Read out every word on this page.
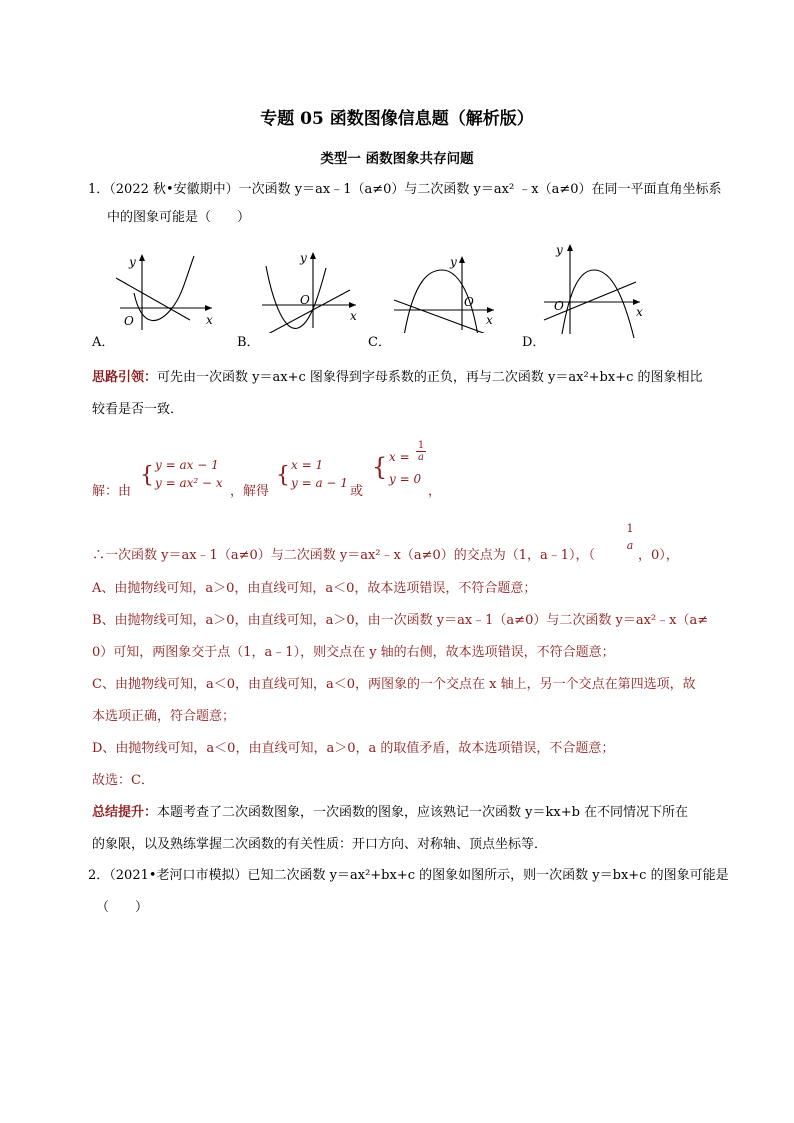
专题 05 函数图像信息题（解析版）
类型一 函数图象共存问题
1．（2022 秋•安徽期中）一次函数 y＝ax﹣1（a≠0）与二次函数 y＝ax² ﹣x（a≠0）在同一平面直角坐标系
中的图象可能是（　　）
y
x
O
A．
y
x
O
B．
y
x
O
C．
y
x
O
D．
思路引领：可先由一次函数 y＝ax+c 图象得到字母系数的正负，再与二次函数 y＝ax²+bx+c 的图象相比
较看是否一致．
解：由
{ y = ax − 1
y = ax² − x
，解得
{ x = 1
y = a − 1
或
{ x =
1
a
y = 0
，
∴一次函数 y＝ax﹣1（a≠0）与二次函数 y＝ax²﹣x（a≠0）的交点为（1，a﹣1），（
1
a
，0），
A、由抛物线可知，a＞0，由直线可知，a＜0，故本选项错误，不符合题意；
B、由抛物线可知，a＞0，由直线可知，a＞0，由一次函数 y＝ax﹣1（a≠0）与二次函数 y＝ax²﹣x（a≠
0）可知，两图象交于点（1，a﹣1），则交点在 y 轴的右侧，故本选项错误，不符合题意；
C、由抛物线可知，a＜0，由直线可知，a＜0，两图象的一个交点在 x 轴上，另一个交点在第四选项，故
本选项正确，符合题意；
D、由抛物线可知，a＜0，由直线可知，a＞0，a 的取值矛盾，故本选项错误，不合题意；
故选：C．
总结提升：本题考查了二次函数图象，一次函数的图象，应该熟记一次函数 y＝kx+b 在不同情况下所在
的象限，以及熟练掌握二次函数的有关性质：开口方向、对称轴、顶点坐标等．
2．（2021•老河口市模拟）已知二次函数 y＝ax²+bx+c 的图象如图所示，则一次函数 y＝bx+c 的图象可能是
（　　）
